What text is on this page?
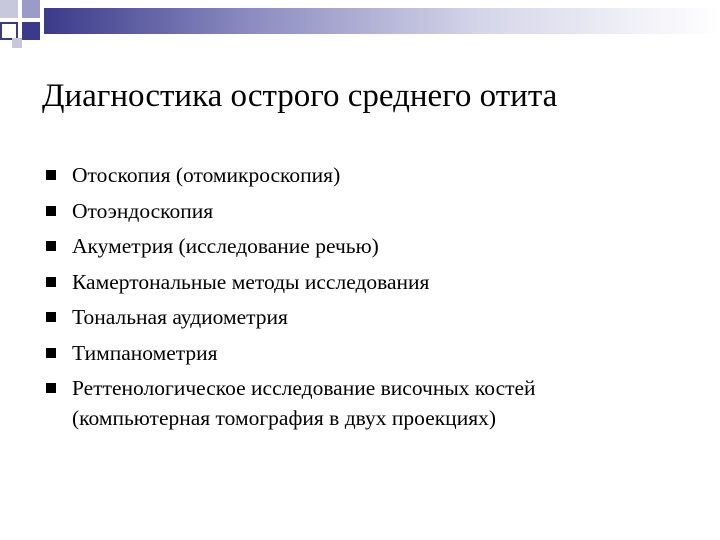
Диагностика острого среднего отита
Отоскопия (отомикроскопия)
Отоэндоскопия
Акуметрия (исследование речью)
Камертональные методы исследования
Тональная аудиометрия
Тимпанометрия
Реттенологическое исследование височных костей
(компьютерная томография в двух проекциях)
